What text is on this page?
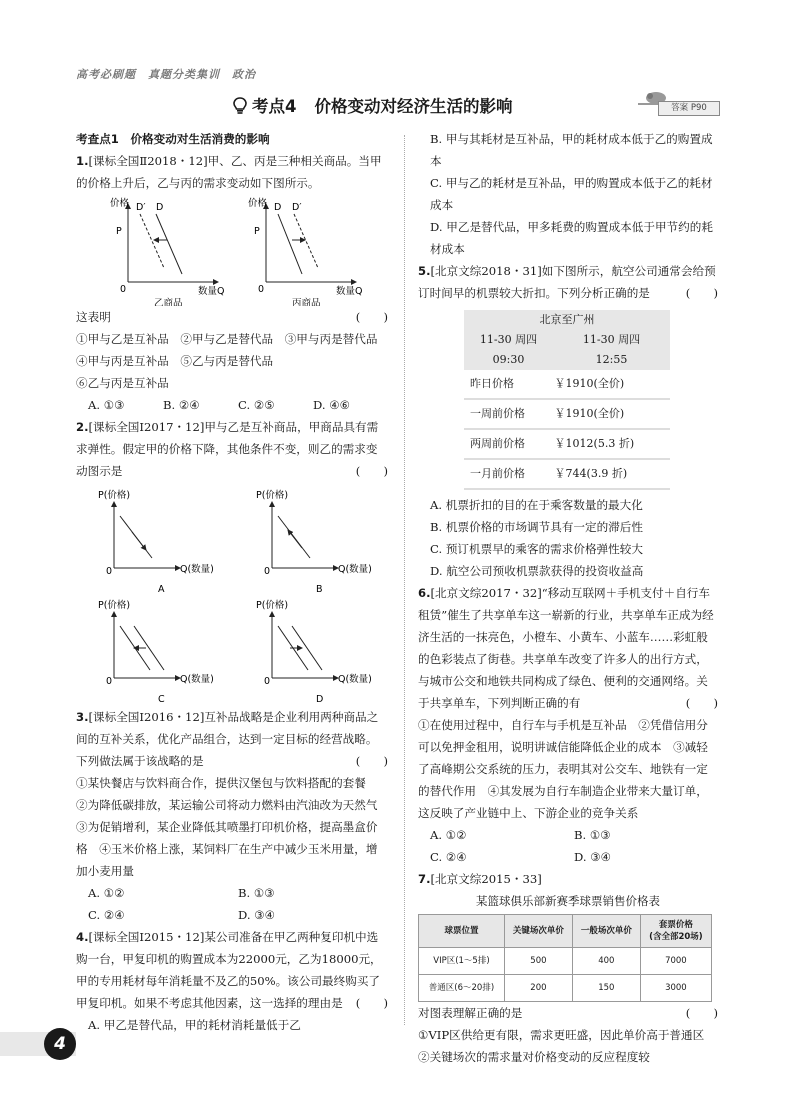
高考必刷题　真题分类集训　政治
考点4 价格变动对经济生活的影响	答案 P90
考查点1　价格变动对生活消费的影响
1.[课标全国Ⅱ2018・12]甲、乙、丙是三种相关商品。当甲的价格上升后，乙与丙的需求变动如下图所示。
价格
P
0	数量Q
D′ D
乙商品
价格
P
0	数量Q
D D′
丙商品
这表明	(　　)
①甲与乙是互补品　②甲与乙是替代品　③甲与丙是替代品　④甲与丙是互补品　⑤乙与丙是替代品
⑥乙与丙是互补品
A. ①③	B. ②④	C. ②⑤	D. ④⑥
2.[课标全国Ⅰ2017・12]甲与乙是互补商品，甲商品具有需求弹性。假定甲的价格下降，其他条件不变，则乙的需求变动图示是	(　　)
P(价格)
Q(数量)
0
A
P(价格)
Q(数量)
0
B
P(价格)
Q(数量)
0
C
P(价格)
Q(数量)
0
D
3.[课标全国Ⅰ2016・12]互补品战略是企业利用两种商品之间的互补关系，优化产品组合，达到一定目标的经营战略。下列做法属于该战略的是	(　　)
①某快餐店与饮料商合作，提供汉堡包与饮料搭配的套餐　②为降低碳排放，某运输公司将动力燃料由汽油改为天然气　③为促销增利，某企业降低其喷墨打印机价格，提高墨盒价格　④玉米价格上涨，某饲料厂在生产中减少玉米用量，增加小麦用量
A. ①②	B. ①③
C. ②④	D. ③④
4.[课标全国Ⅰ2015・12]某公司准备在甲乙两种复印机中选购一台，甲复印机的购置成本为22000元，乙为18000元，甲的专用耗材每年消耗量不及乙的50%。该公司最终购买了甲复印机。如果不考虑其他因素，这一选择的理由是 (　　)
A. 甲乙是替代品，甲的耗材消耗量低于乙
B. 甲与其耗材是互补品，甲的耗材成本低于乙的购置成本
C. 甲与乙的耗材是互补品，甲的购置成本低于乙的耗材成本
D. 甲乙是替代品，甲多耗费的购置成本低于甲节约的耗材成本
5.[北京文综2018・31]如下图所示，航空公司通常会给预订时间早的机票较大折扣。下列分析正确的是	(　　)
北京至广州	
11-30 周四	11-30 周四
09:30	12:55
昨日价格	￥1910(全价)
一周前价格	￥1910(全价)
两周前价格	￥1012(5.3 折)
一月前价格	￥744(3.9 折)
A. 机票折扣的目的在于乘客数量的最大化
B. 机票价格的市场调节具有一定的滞后性
C. 预订机票早的乘客的需求价格弹性较大
D. 航空公司预收机票款获得的投资收益高
6.[北京文综2017・32]“移动互联网＋手机支付＋自行车租赁”催生了共享单车这一崭新的行业，共享单车正成为经济生活的一抹亮色，小橙车、小黄车、小蓝车……彩虹般的色彩装点了街巷。共享单车改变了许多人的出行方式，与城市公交和地铁共同构成了绿色、便利的交通网络。关于共享单车，下列判断正确的有	(　　)
①在使用过程中，自行车与手机是互补品　②凭借信用分可以免押金租用，说明讲诚信能降低企业的成本　③减轻了高峰期公交系统的压力，表明其对公交车、地铁有一定的替代作用　④其发展为自行车制造企业带来大量订单，这反映了产业链中上、下游企业的竞争关系
A. ①②	B. ①③
C. ②④	D. ③④
7.[北京文综2015・33]
某篮球俱乐部新赛季球票销售价格表
球票位置	关键场次单价	一般场次单价	套票价格
(含全部20场)
VIP区(1～5排)	500	400	7000
普通区(6～20排)	200	150	3000
对图表理解正确的是	(　　)
①VIP区供给更有限，需求更旺盛，因此单价高于普通区　②关键场次的需求量对价格变动的反应程度较
4
